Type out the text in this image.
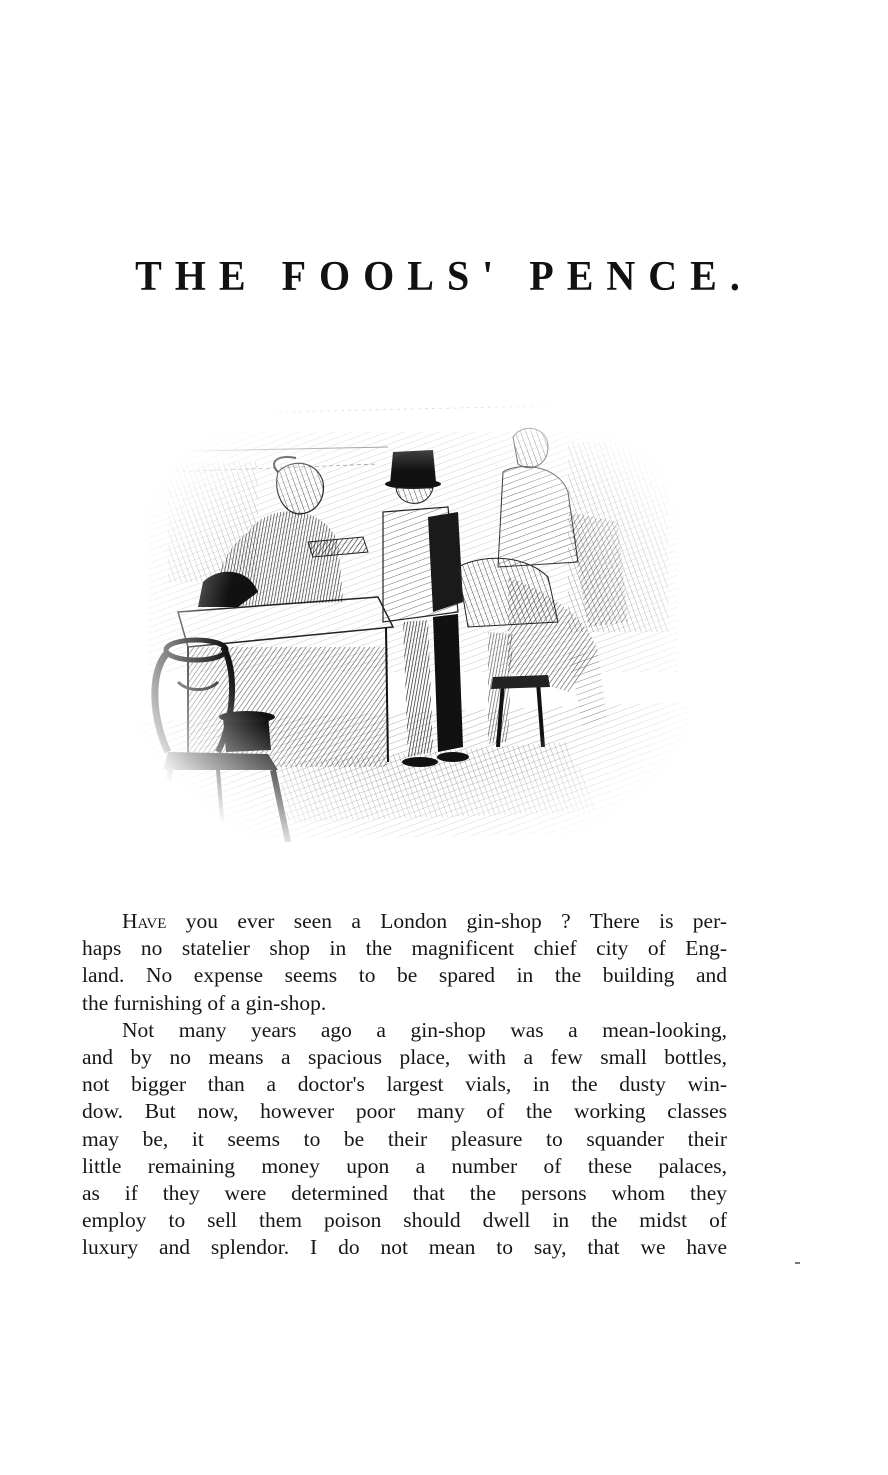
THE FOOLS' PENCE.
Have you ever seen a London gin-shop ? There is per-
haps no statelier shop in the magnificent chief city of Eng-
land. No expense seems to be spared in the building and
the furnishing of a gin-shop.
Not many years ago a gin-shop was a mean-looking,
and by no means a spacious place, with a few small bottles,
not bigger than a doctor's largest vials, in the dusty win-
dow. But now, however poor many of the working classes
may be, it seems to be their pleasure to squander their
little remaining money upon a number of these palaces,
as if they were determined that the persons whom they
employ to sell them poison should dwell in the midst of
luxury and splendor. I do not mean to say, that we have
